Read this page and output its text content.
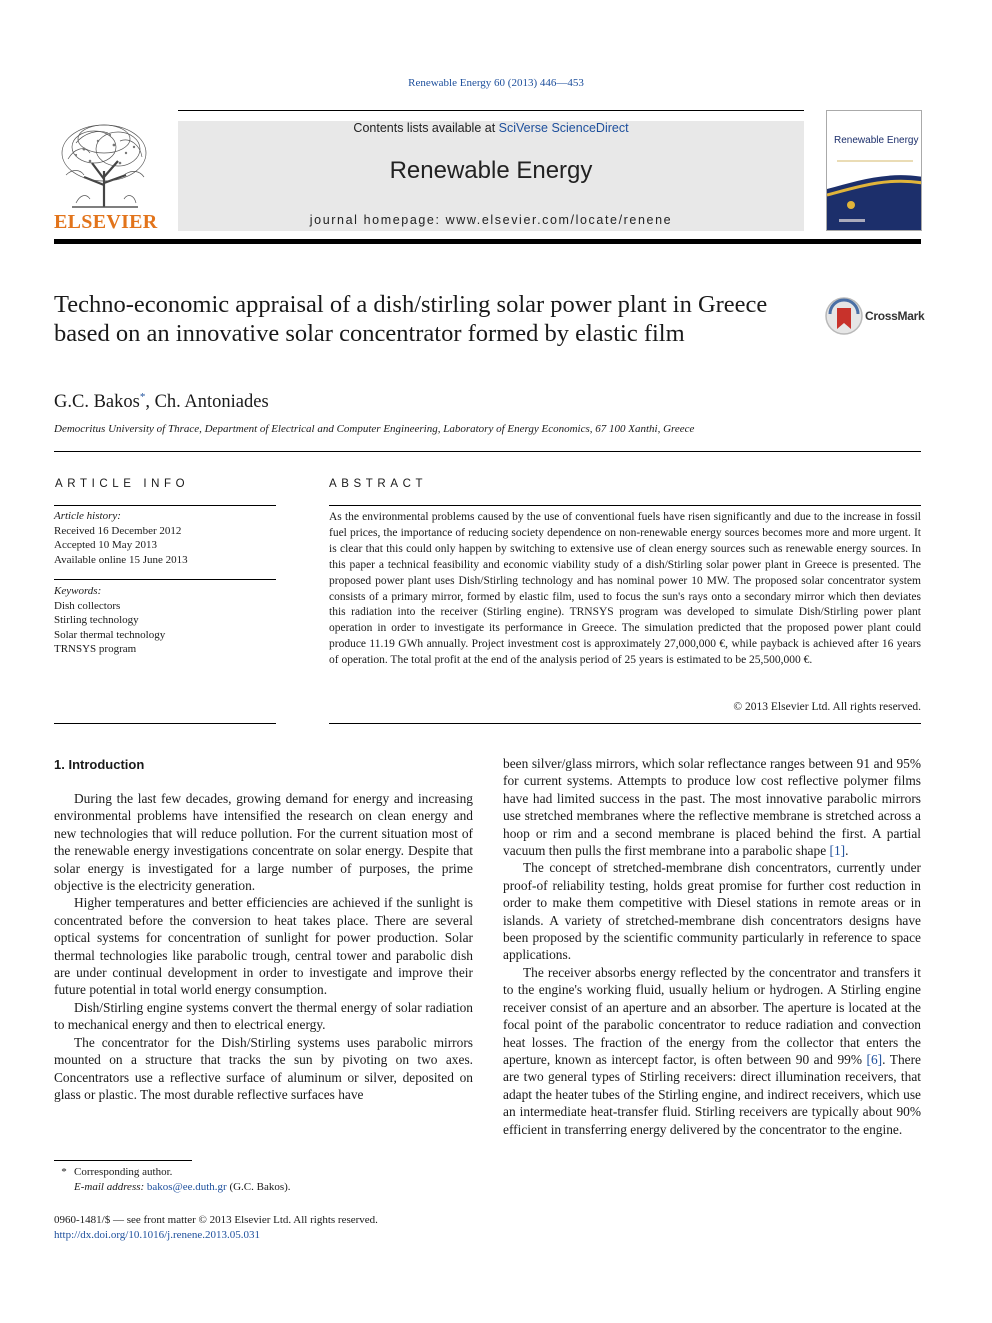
Renewable Energy 60 (2013) 446—453
ELSEVIER
Contents lists available at SciVerse ScienceDirect
Renewable Energy
journal homepage: www.elsevier.com/locate/renene
Renewable Energy
Techno-economic appraisal of a dish/stirling solar power plant in Greece based on an innovative solar concentrator formed by elastic film
CrossMark
G.C. Bakos*, Ch. Antoniades
Democritus University of Thrace, Department of Electrical and Computer Engineering, Laboratory of Energy Economics, 67 100 Xanthi, Greece
ARTICLE INFO	ABSTRACT
Article history:
Received 16 December 2012
Accepted 10 May 2013
Available online 15 June 2013
Keywords:
Dish collectors
Stirling technology
Solar thermal technology
TRNSYS program
As the environmental problems caused by the use of conventional fuels have risen significantly and due to the increase in fossil fuel prices, the importance of reducing society dependence on non-renewable energy sources becomes more and more urgent. It is clear that this could only happen by switching to extensive use of clean energy sources such as renewable energy sources. In this paper a technical feasibility and economic viability study of a dish/Stirling solar power plant in Greece is presented. The proposed power plant uses Dish/Stirling technology and has nominal power 10 MW. The proposed solar concentrator system consists of a primary mirror, formed by elastic film, used to focus the sun's rays onto a secondary mirror which then deviates this radiation into the receiver (Stirling engine). TRNSYS program was developed to simulate Dish/Stirling power plant operation in order to investigate its performance in Greece. The simulation predicted that the proposed power plant could produce 11.19 GWh annually. Project investment cost is approximately 27,000,000 €, while payback is achieved after 16 years of operation. The total profit at the end of the analysis period of 25 years is estimated to be 25,500,000 €.
© 2013 Elsevier Ltd. All rights reserved.
1. Introduction

During the last few decades, growing demand for energy and increasing environmental problems have intensified the research on clean energy and new technologies that will reduce pollution. For the current situation most of the renewable energy investigations concentrate on solar energy. Despite that solar energy is investigated for a large number of purposes, the prime objective is the electricity generation.

Higher temperatures and better efficiencies are achieved if the sunlight is concentrated before the conversion to heat takes place. There are several optical systems for concentration of sunlight for power production. Solar thermal technologies like parabolic trough, central tower and parabolic dish are under continual development in order to investigate and improve their future potential in total world energy consumption.

Dish/Stirling engine systems convert the thermal energy of solar radiation to mechanical energy and then to electrical energy.

The concentrator for the Dish/Stirling systems uses parabolic mirrors mounted on a structure that tracks the sun by pivoting on two axes. Concentrators use a reflective surface of aluminum or silver, deposited on glass or plastic. The most durable reflective surfaces have

been silver/glass mirrors, which solar reflectance ranges between 91 and 95% for current systems. Attempts to produce low cost reflective polymer films have had limited success in the past. The most innovative parabolic mirrors use stretched membranes where the reflective membrane is stretched across a hoop or rim and a second membrane is placed behind the first. A partial vacuum then pulls the first membrane into a parabolic shape [1].

The concept of stretched-membrane dish concentrators, currently under proof-of reliability testing, holds great promise for further cost reduction in order to make them competitive with Diesel stations in remote areas or in islands. A variety of stretched-membrane dish concentrators designs have been proposed by the scientific community particularly in reference to space applications.

The receiver absorbs energy reflected by the concentrator and transfers it to the engine's working fluid, usually helium or hydrogen. A Stirling engine receiver consist of an aperture and an absorber. The aperture is located at the focal point of the parabolic concentrator to reduce radiation and convection heat losses. The fraction of the energy from the collector that enters the aperture, known as intercept factor, is often between 90 and 99% [6]. There are two general types of Stirling receivers: direct illumination receivers, that adapt the heater tubes of the Stirling engine, and indirect receivers, which use an intermediate heat-transfer fluid. Stirling receivers are typically about 90% efficient in transferring energy delivered by the concentrator to the engine.

* Corresponding author.
E-mail address: bakos@ee.duth.gr (G.C. Bakos).
0960-1481/$ — see front matter © 2013 Elsevier Ltd. All rights reserved.
http://dx.doi.org/10.1016/j.renene.2013.05.031
